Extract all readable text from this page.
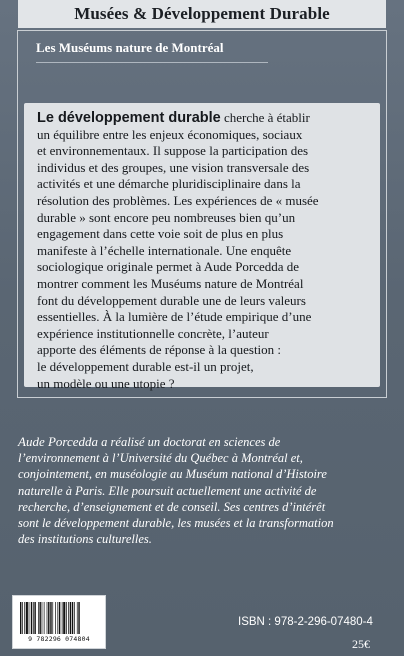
Musées & Développement Durable
Les Muséums nature de Montréal
Le développement durable cherche à établir
un équilibre entre les enjeux économiques, sociaux
et environnementaux. Il suppose la participation des
individus et des groupes, une vision transversale des
activités et une démarche pluridisciplinaire dans la
résolution des problèmes. Les expériences de « musée
durable » sont encore peu nombreuses bien qu’un
engagement dans cette voie soit de plus en plus
manifeste à l’échelle internationale. Une enquête
sociologique originale permet à Aude Porcedda de
montrer comment les Muséums nature de Montréal
font du développement durable une de leurs valeurs
essentielles. À la lumière de l’étude empirique d’une
expérience institutionnelle concrète, l’auteur
apporte des éléments de réponse à la question :
le développement durable est-il un projet,
un modèle ou une utopie ?
Aude Porcedda a réalisé un doctorat en sciences de
l’environnement à l’Université du Québec à Montréal et,
conjointement, en muséologie au Muséum national d’Histoire
naturelle à Paris. Elle poursuit actuellement une activité de
recherche, d’enseignement et de conseil. Ses centres d’intérêt
sont le développement durable, les musées et la transformation
des institutions culturelles.
9 782296 074804
ISBN : 978-2-296-07480-4
25€
